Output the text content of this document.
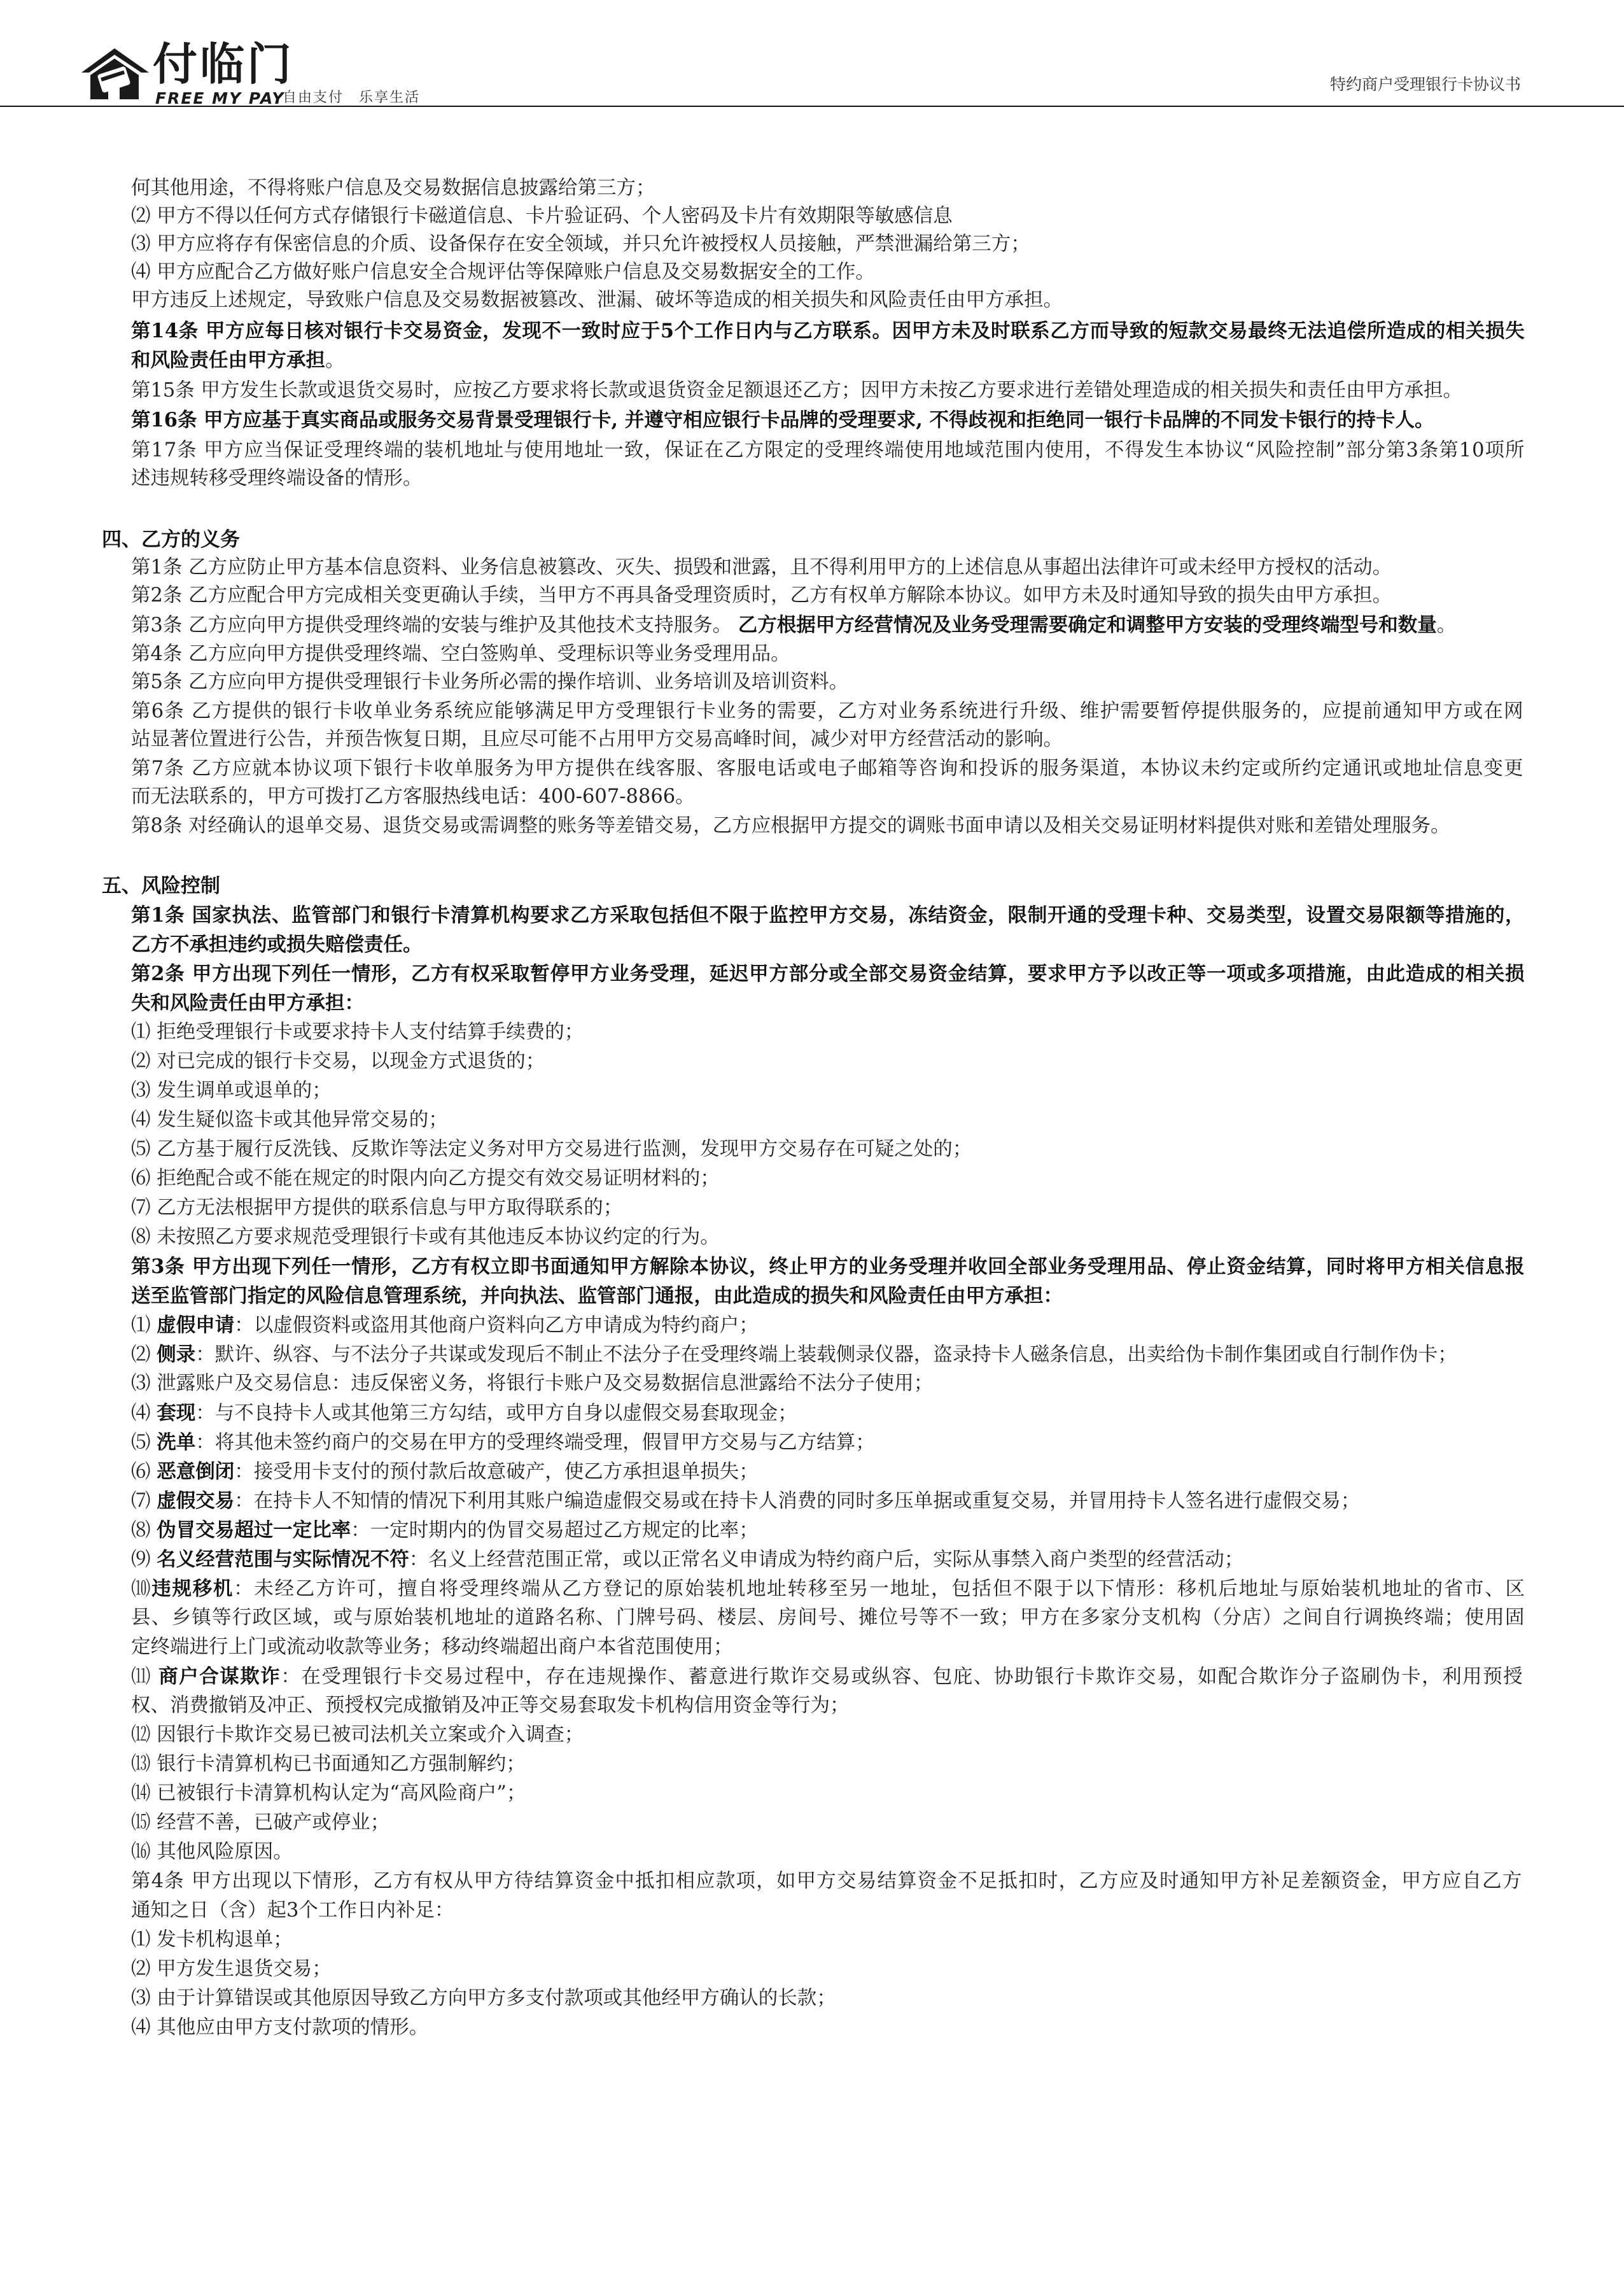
付临门
FREE MY PAY
自由支付　乐享生活
特约商户受理银行卡协议书
何其他用途，不得将账户信息及交易数据信息披露给第三方；
⑵ 甲方不得以任何方式存储银行卡磁道信息、卡片验证码、个人密码及卡片有效期限等敏感信息
⑶ 甲方应将存有保密信息的介质、设备保存在安全领域，并只允许被授权人员接触，严禁泄漏给第三方；
⑷ 甲方应配合乙方做好账户信息安全合规评估等保障账户信息及交易数据安全的工作。
甲方违反上述规定，导致账户信息及交易数据被篡改、泄漏、破坏等造成的相关损失和风险责任由甲方承担。
第14条 甲方应每日核对银行卡交易资金，发现不一致时应于5个工作日内与乙方联系。因甲方未及时联系乙方而导致的短款交易最终无法追偿所造成的相关损失
和风险责任由甲方承担。
第15条 甲方发生长款或退货交易时，应按乙方要求将长款或退货资金足额退还乙方；因甲方未按乙方要求进行差错处理造成的相关损失和责任由甲方承担。
第16条 甲方应基于真实商品或服务交易背景受理银行卡, 并遵守相应银行卡品牌的受理要求, 不得歧视和拒绝同一银行卡品牌的不同发卡银行的持卡人。
第17条 甲方应当保证受理终端的装机地址与使用地址一致，保证在乙方限定的受理终端使用地域范围内使用，不得发生本协议“风险控制”部分第3条第10项所
述违规转移受理终端设备的情形。
四、乙方的义务
第1条 乙方应防止甲方基本信息资料、业务信息被篡改、灭失、损毁和泄露，且不得利用甲方的上述信息从事超出法律许可或未经甲方授权的活动。
第2条 乙方应配合甲方完成相关变更确认手续，当甲方不再具备受理资质时，乙方有权单方解除本协议。如甲方未及时通知导致的损失由甲方承担。
第3条 乙方应向甲方提供受理终端的安装与维护及其他技术支持服务。 乙方根据甲方经营情况及业务受理需要确定和调整甲方安装的受理终端型号和数量。
第4条 乙方应向甲方提供受理终端、空白签购单、受理标识等业务受理用品。
第5条 乙方应向甲方提供受理银行卡业务所必需的操作培训、业务培训及培训资料。
第6条 乙方提供的银行卡收单业务系统应能够满足甲方受理银行卡业务的需要，乙方对业务系统进行升级、维护需要暂停提供服务的，应提前通知甲方或在网
站显著位置进行公告，并预告恢复日期，且应尽可能不占用甲方交易高峰时间，减少对甲方经营活动的影响。
第7条 乙方应就本协议项下银行卡收单服务为甲方提供在线客服、客服电话或电子邮箱等咨询和投诉的服务渠道，本协议未约定或所约定通讯或地址信息变更
而无法联系的，甲方可拨打乙方客服热线电话：400-607-8866。
第8条 对经确认的退单交易、退货交易或需调整的账务等差错交易，乙方应根据甲方提交的调账书面申请以及相关交易证明材料提供对账和差错处理服务。
五、风险控制
第1条 国家执法、监管部门和银行卡清算机构要求乙方采取包括但不限于监控甲方交易，冻结资金，限制开通的受理卡种、交易类型，设置交易限额等措施的，
乙方不承担违约或损失赔偿责任。
第2条 甲方出现下列任一情形，乙方有权采取暂停甲方业务受理，延迟甲方部分或全部交易资金结算，要求甲方予以改正等一项或多项措施，由此造成的相关损
失和风险责任由甲方承担：
⑴ 拒绝受理银行卡或要求持卡人支付结算手续费的；
⑵ 对已完成的银行卡交易，以现金方式退货的；
⑶ 发生调单或退单的；
⑷ 发生疑似盗卡或其他异常交易的；
⑸ 乙方基于履行反洗钱、反欺诈等法定义务对甲方交易进行监测，发现甲方交易存在可疑之处的；
⑹ 拒绝配合或不能在规定的时限内向乙方提交有效交易证明材料的；
⑺ 乙方无法根据甲方提供的联系信息与甲方取得联系的；
⑻ 未按照乙方要求规范受理银行卡或有其他违反本协议约定的行为。
第3条 甲方出现下列任一情形，乙方有权立即书面通知甲方解除本协议，终止甲方的业务受理并收回全部业务受理用品、停止资金结算，同时将甲方相关信息报
送至监管部门指定的风险信息管理系统，并向执法、监管部门通报，由此造成的损失和风险责任由甲方承担：
⑴ 虚假申请：以虚假资料或盗用其他商户资料向乙方申请成为特约商户；
⑵ 侧录：默许、纵容、与不法分子共谋或发现后不制止不法分子在受理终端上装载侧录仪器，盗录持卡人磁条信息，出卖给伪卡制作集团或自行制作伪卡；
⑶ 泄露账户及交易信息：违反保密义务，将银行卡账户及交易数据信息泄露给不法分子使用；
⑷ 套现：与不良持卡人或其他第三方勾结，或甲方自身以虚假交易套取现金；
⑸ 洗单：将其他未签约商户的交易在甲方的受理终端受理，假冒甲方交易与乙方结算；
⑹ 恶意倒闭：接受用卡支付的预付款后故意破产，使乙方承担退单损失；
⑺ 虚假交易：在持卡人不知情的情况下利用其账户编造虚假交易或在持卡人消费的同时多压单据或重复交易，并冒用持卡人签名进行虚假交易；
⑻ 伪冒交易超过一定比率：一定时期内的伪冒交易超过乙方规定的比率；
⑼ 名义经营范围与实际情况不符：名义上经营范围正常，或以正常名义申请成为特约商户后，实际从事禁入商户类型的经营活动；
⑽违规移机：未经乙方许可，擅自将受理终端从乙方登记的原始装机地址转移至另一地址，包括但不限于以下情形：移机后地址与原始装机地址的省市、区
县、乡镇等行政区域，或与原始装机地址的道路名称、门牌号码、楼层、房间号、摊位号等不一致；甲方在多家分支机构（分店）之间自行调换终端；使用固
定终端进行上门或流动收款等业务；移动终端超出商户本省范围使用；
⑾ 商户合谋欺诈：在受理银行卡交易过程中，存在违规操作、蓄意进行欺诈交易或纵容、包庇、协助银行卡欺诈交易，如配合欺诈分子盗刷伪卡，利用预授
权、消费撤销及冲正、预授权完成撤销及冲正等交易套取发卡机构信用资金等行为；
⑿ 因银行卡欺诈交易已被司法机关立案或介入调查；
⒀ 银行卡清算机构已书面通知乙方强制解约；
⒁ 已被银行卡清算机构认定为“高风险商户”；
⒂ 经营不善，已破产或停业；
⒃ 其他风险原因。
第4条 甲方出现以下情形，乙方有权从甲方待结算资金中抵扣相应款项，如甲方交易结算资金不足抵扣时，乙方应及时通知甲方补足差额资金，甲方应自乙方
通知之日（含）起3个工作日内补足：
⑴ 发卡机构退单；
⑵ 甲方发生退货交易；
⑶ 由于计算错误或其他原因导致乙方向甲方多支付款项或其他经甲方确认的长款；
⑷ 其他应由甲方支付款项的情形。
